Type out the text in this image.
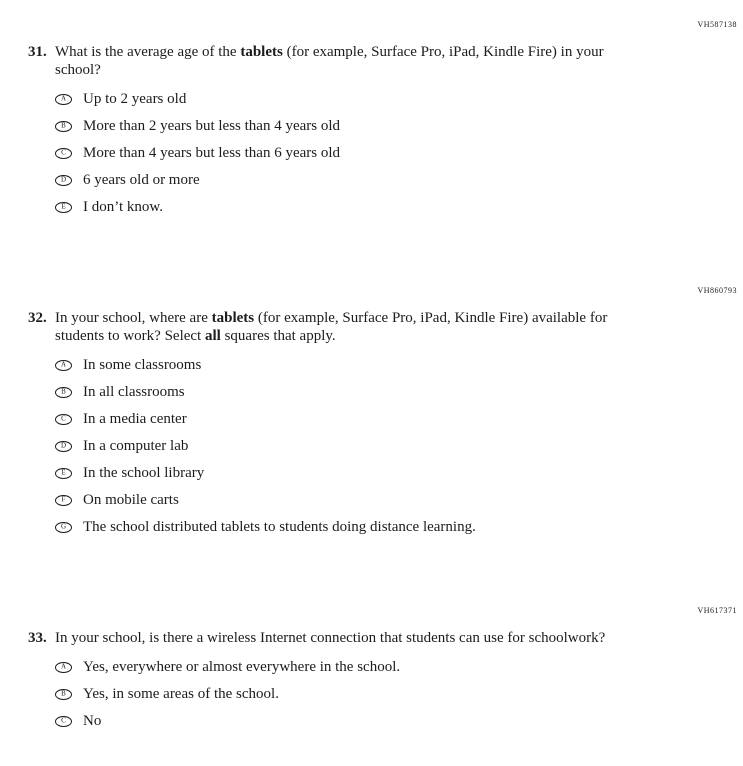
VH587138
31. What is the average age of the tablets (for example, Surface Pro, iPad, Kindle Fire) in your school?
A Up to 2 years old
B More than 2 years but less than 4 years old
C More than 4 years but less than 6 years old
D 6 years old or more
E I don’t know.
VH860793
32. In your school, where are tablets (for example, Surface Pro, iPad, Kindle Fire) available for students to work? Select all squares that apply.
A In some classrooms
B In all classrooms
C In a media center
D In a computer lab
E In the school library
F On mobile carts
G The school distributed tablets to students doing distance learning.
VH617371
33. In your school, is there a wireless Internet connection that students can use for schoolwork?
A Yes, everywhere or almost everywhere in the school.
B Yes, in some areas of the school.
C No
